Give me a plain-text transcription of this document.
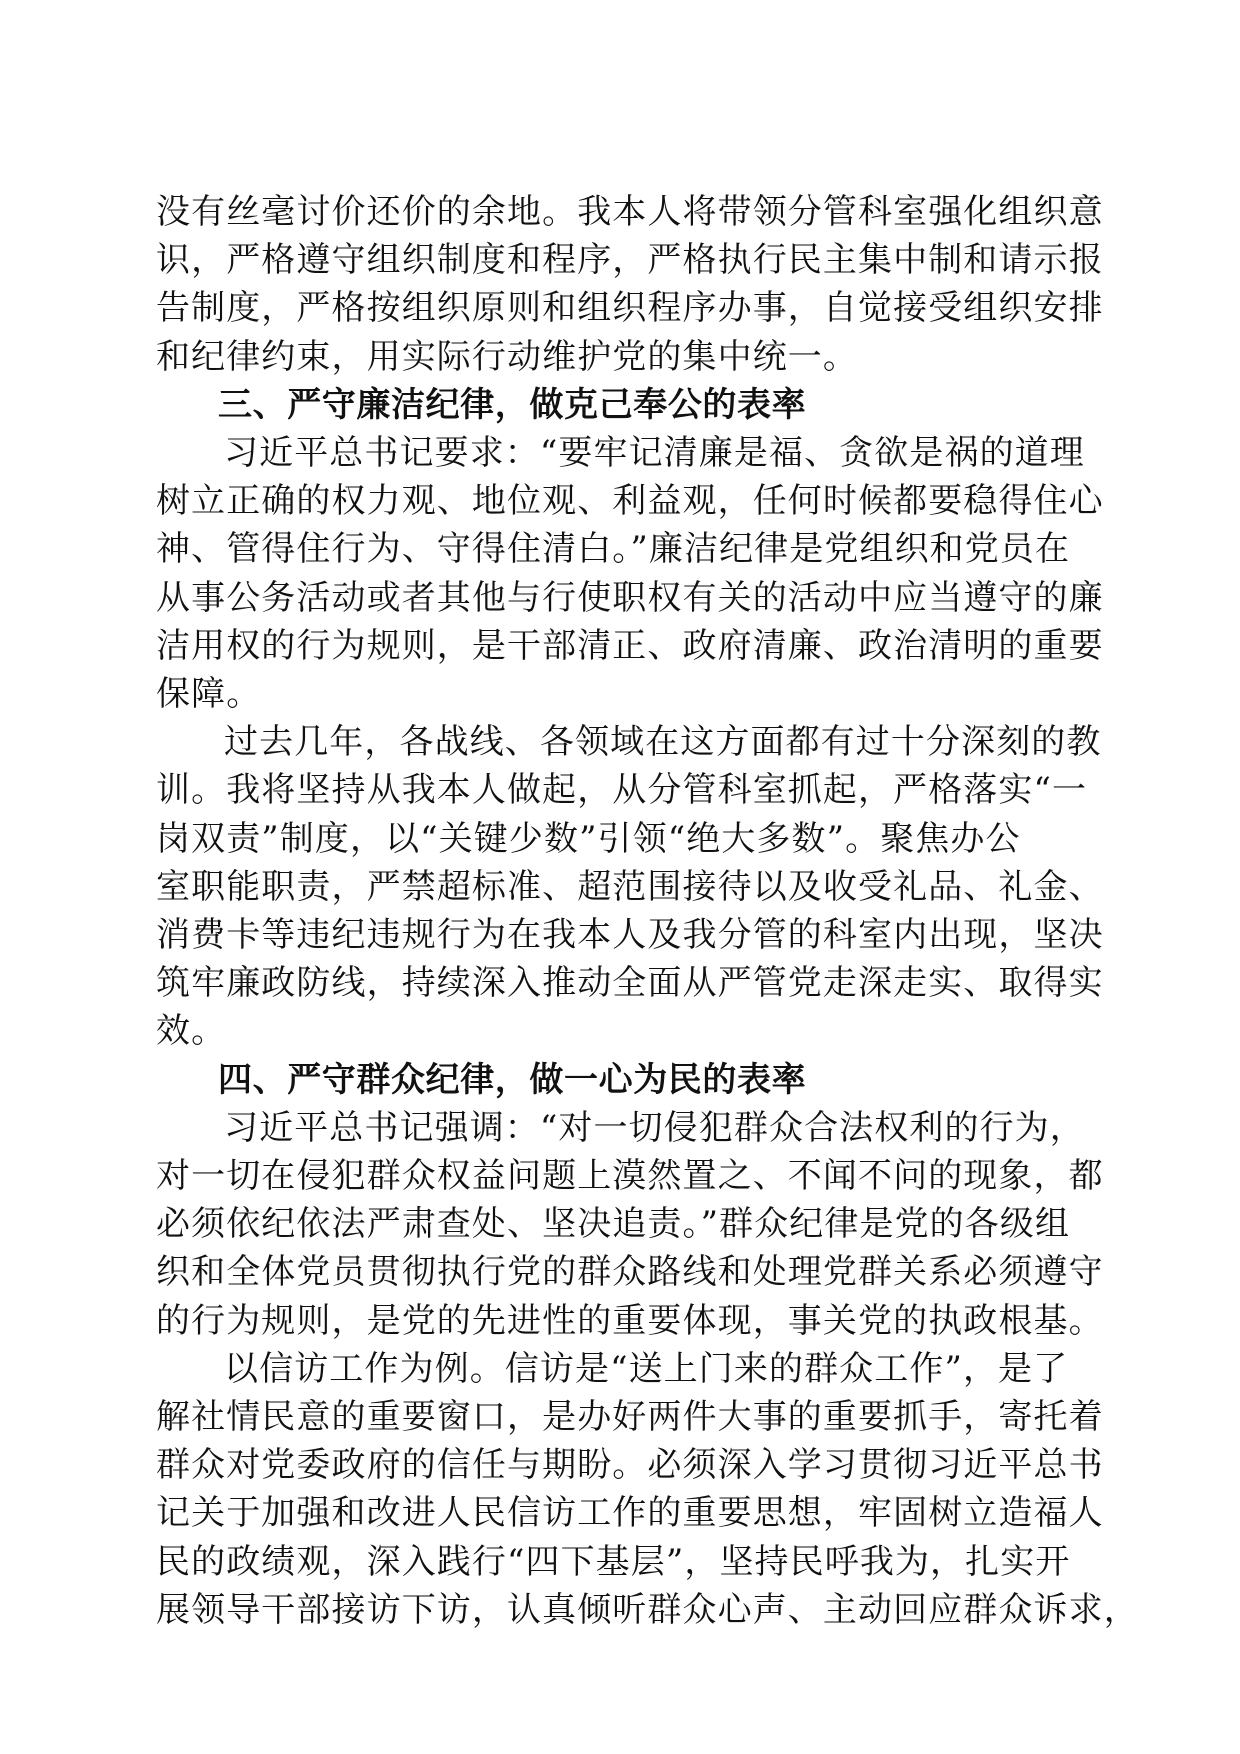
没有丝毫讨价还价的余地。我本人将带领分管科室强化组织意
识，严格遵守组织制度和程序，严格执行民主集中制和请示报
告制度，严格按组织原则和组织程序办事，自觉接受组织安排
和纪律约束，用实际行动维护党的集中统一。
三、严守廉洁纪律，做克己奉公的表率
习近平总书记要求：“要牢记清廉是福、贪欲是祸的道理
树立正确的权力观、地位观、利益观，任何时候都要稳得住心
神、管得住行为、守得住清白。”廉洁纪律是党组织和党员在
从事公务活动或者其他与行使职权有关的活动中应当遵守的廉
洁用权的行为规则，是干部清正、政府清廉、政治清明的重要
保障。
过去几年，各战线、各领域在这方面都有过十分深刻的教
训。我将坚持从我本人做起，从分管科室抓起，严格落实“一
岗双责”制度，以“关键少数”引领“绝大多数”。聚焦办公
室职能职责，严禁超标准、超范围接待以及收受礼品、礼金、
消费卡等违纪违规行为在我本人及我分管的科室内出现，坚决
筑牢廉政防线，持续深入推动全面从严管党走深走实、取得实
效。
四、严守群众纪律，做一心为民的表率
习近平总书记强调：“对一切侵犯群众合法权利的行为，
对一切在侵犯群众权益问题上漠然置之、不闻不问的现象，都
必须依纪依法严肃查处、坚决追责。”群众纪律是党的各级组
织和全体党员贯彻执行党的群众路线和处理党群关系必须遵守
的行为规则，是党的先进性的重要体现，事关党的执政根基。
以信访工作为例。信访是“送上门来的群众工作”，是了
解社情民意的重要窗口，是办好两件大事的重要抓手，寄托着
群众对党委政府的信任与期盼。必须深入学习贯彻习近平总书
记关于加强和改进人民信访工作的重要思想，牢固树立造福人
民的政绩观，深入践行“四下基层”，坚持民呼我为，扎实开
展领导干部接访下访，认真倾听群众心声、主动回应群众诉求，
